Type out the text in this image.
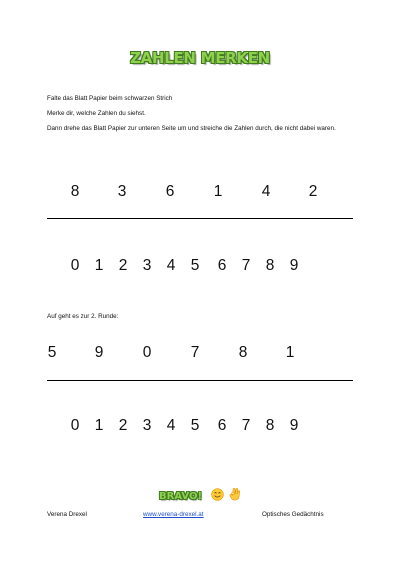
ZAHLEN MERKEN
Falte das Blatt Papier beim schwarzen Strich
Merke dir, welche Zahlen du siehst.
Dann drehe das Blatt Papier zur unteren Seite um und streiche die Zahlen durch, die nicht dabei waren.
8 3	6	1	4 2
0 1 2 3 4 5 6 7 8 9
Auf geht es zur 2. Runde:
5 9	0	7	8 1
0 1 2 3 4 5 6 7 8 9
BRAVO!
Verena Drexel	www.verena-drexel.at	Optisches Gedächtnis
